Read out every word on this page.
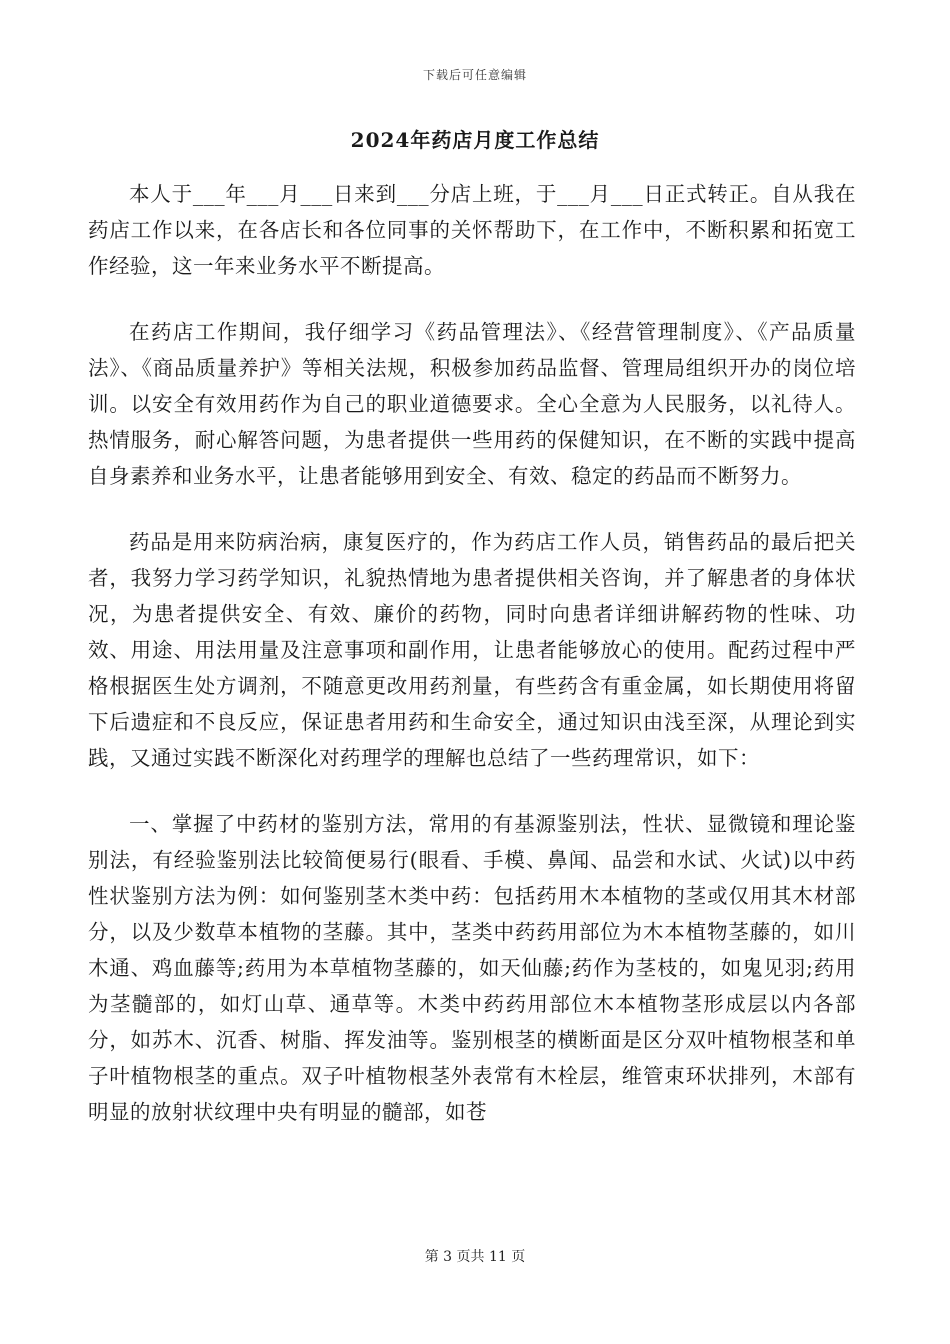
下载后可任意编辑
2024年药店月度工作总结

本人于___年___月___日来到___分店上班，于___月___日正式转正。自从我在药店工作以来，在各店长和各位同事的关怀帮助下，在工作中，不断积累和拓宽工作经验，这一年来业务水平不断提高。

在药店工作期间，我仔细学习《药品管理法》、《经营管理制度》、《产品质量法》、《商品质量养护》等相关法规，积极参加药品监督、管理局组织开办的岗位培训。以安全有效用药作为自己的职业道德要求。全心全意为人民服务，以礼待人。热情服务，耐心解答问题，为患者提供一些用药的保健知识，在不断的实践中提高自身素养和业务水平，让患者能够用到安全、有效、稳定的药品而不断努力。

药品是用来防病治病，康复医疗的，作为药店工作人员，销售药品的最后把关者，我努力学习药学知识，礼貌热情地为患者提供相关咨询，并了解患者的身体状况，为患者提供安全、有效、廉价的药物，同时向患者详细讲解药物的性味、功效、用途、用法用量及注意事项和副作用，让患者能够放心的使用。配药过程中严格根据医生处方调剂，不随意更改用药剂量，有些药含有重金属，如长期使用将留下后遗症和不良反应，保证患者用药和生命安全，通过知识由浅至深，从理论到实践，又通过实践不断深化对药理学的理解也总结了一些药理常识，如下：

一、掌握了中药材的鉴别方法，常用的有基源鉴别法，性状、显微镜和理论鉴别法，有经验鉴别法比较简便易行(眼看、手模、鼻闻、品尝和水试、火试)以中药性状鉴别方法为例：如何鉴别茎木类中药：包括药用木本植物的茎或仅用其木材部分，以及少数草本植物的茎藤。其中，茎类中药药用部位为木本植物茎藤的，如川木通、鸡血藤等;药用为本草植物茎藤的，如天仙藤;药作为茎枝的，如鬼见羽;药用为茎髓部的，如灯山草、通草等。木类中药药用部位木本植物茎形成层以内各部分，如苏木、沉香、树脂、挥发油等。鉴别根茎的横断面是区分双叶植物根茎和单子叶植物根茎的重点。双子叶植物根茎外表常有木栓层，维管束环状排列，木部有明显的放射状纹理中央有明显的髓部，如苍

第 3 页共 11 页
